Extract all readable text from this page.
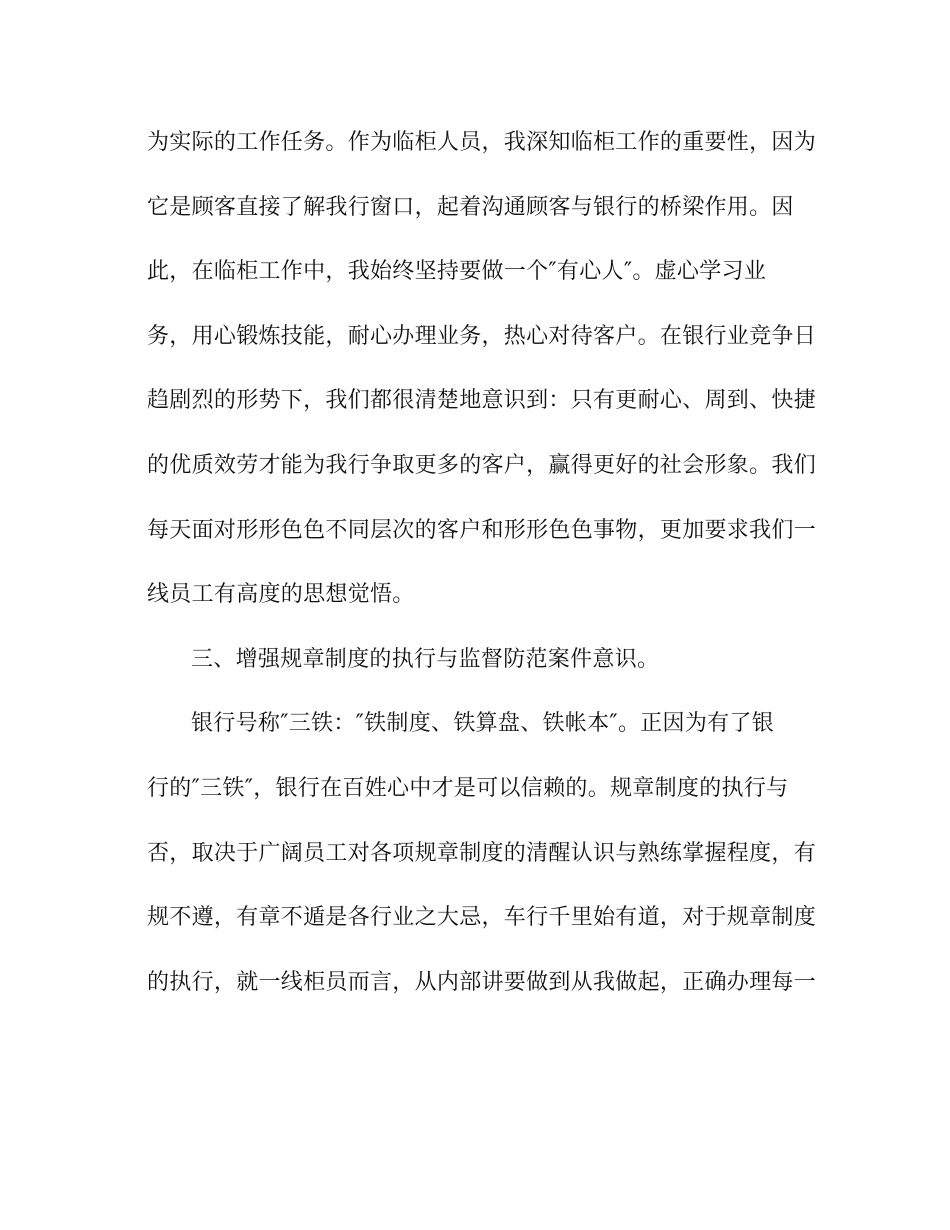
为实际的工作任务。作为临柜人员，我深知临柜工作的重要性，因为
它是顾客直接了解我行窗口，起着沟通顾客与银行的桥梁作用。因
此，在临柜工作中，我始终坚持要做一个″有心人″。虚心学习业
务，用心锻炼技能，耐心办理业务，热心对待客户。在银行业竞争日
趋剧烈的形势下，我们都很清楚地意识到：只有更耐心、周到、快捷
的优质效劳才能为我行争取更多的客户，赢得更好的社会形象。我们
每天面对形形色色不同层次的客户和形形色色事物，更加要求我们一
线员工有高度的思想觉悟。
三、增强规章制度的执行与监督防范案件意识。
银行号称″三铁：″铁制度、铁算盘、铁帐本″。正因为有了银
行的″三铁″，银行在百姓心中才是可以信赖的。规章制度的执行与
否，取决于广阔员工对各项规章制度的清醒认识与熟练掌握程度，有
规不遵，有章不遁是各行业之大忌，车行千里始有道，对于规章制度
的执行，就一线柜员而言，从内部讲要做到从我做起，正确办理每一
